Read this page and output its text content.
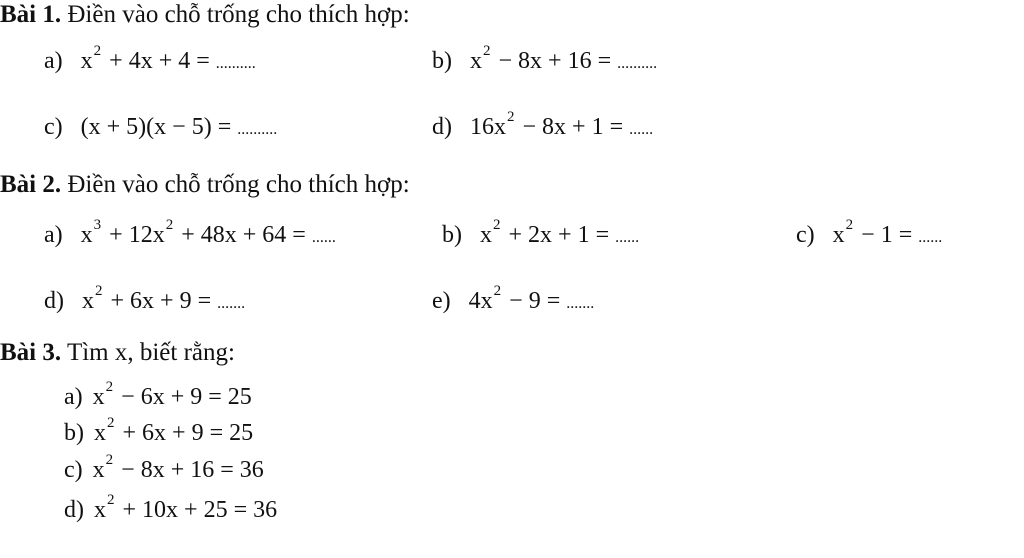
Bài 1. Điền vào chỗ trống cho thích hợp:
a) $x^2 + 4x + 4$ = ..........	b) $x^2 - 8x + 16$ = ..........
c) (x + 5)(x − 5) = ..........	d) $16x^2 - 8x + 1$ = ......
Bài 2. Điền vào chỗ trống cho thích hợp:
a) $x^3 + 12x^2 + 48x + 64$ = ......	b) $x^2 + 2x + 1$ = ......	c) $x^2 - 1$ = ......
d) $x^2 + 6x + 9$ = .......	e) $4x^2 - 9$ = .......
Bài 3. Tìm x, biết rằng:
a) $x^2 - 6x + 9 = 25$
b) $x^2 + 6x + 9 = 25$
c) $x^2 - 8x + 16 = 36$
d) $x^2 + 10x + 25 = 36$
